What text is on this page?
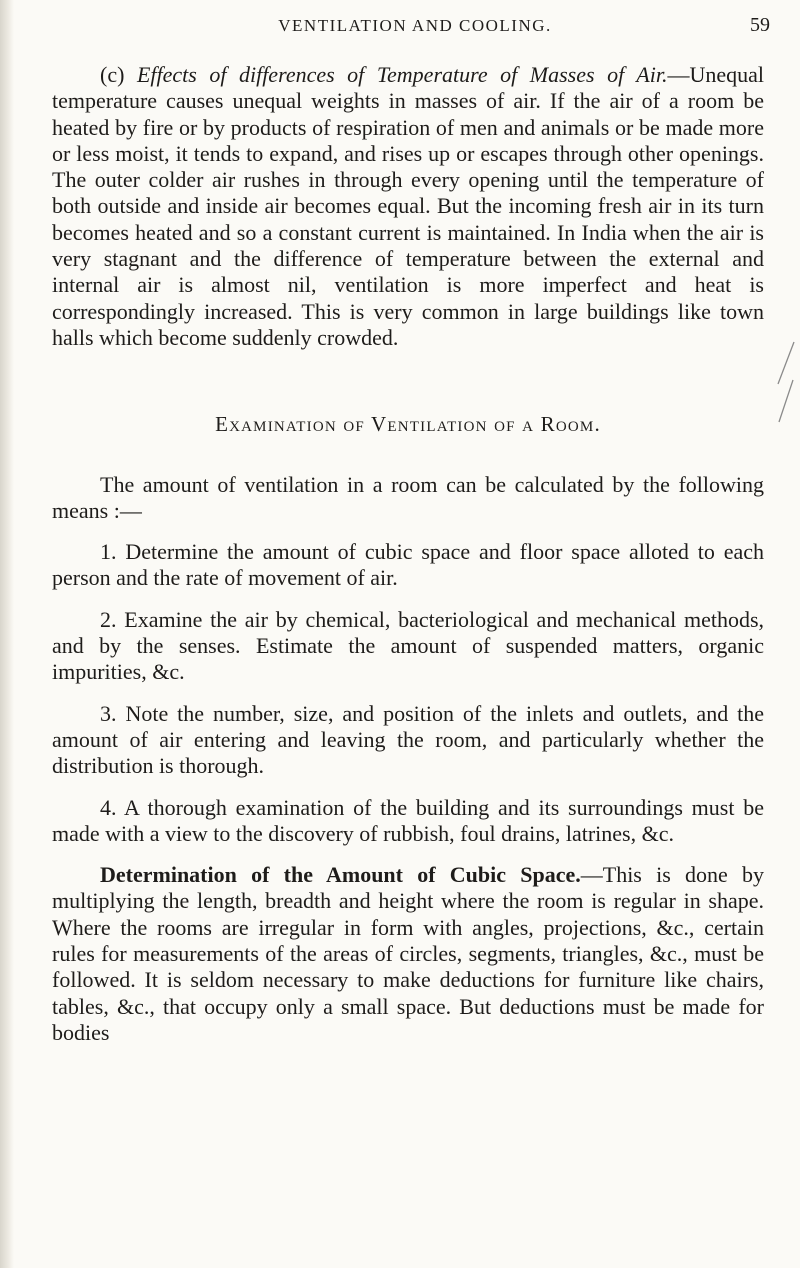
VENTILATION AND COOLING.	59

(c) Effects of differences of Temperature of Masses of Air.—Unequal temperature causes unequal weights in masses of air. If the air of a room be heated by fire or by products of respiration of men and animals or be made more or less moist, it tends to expand, and rises up or escapes through other openings. The outer colder air rushes in through every opening until the temperature of both outside and inside air becomes equal. But the incoming fresh air in its turn becomes heated and so a constant current is maintained. In India when the air is very stagnant and the difference of temperature between the external and internal air is almost nil, ventilation is more imperfect and heat is correspondingly increased. This is very common in large buildings like town halls which become suddenly crowded.

Examination of Ventilation of a Room.

The amount of ventilation in a room can be calculated by the following means :—

1. Determine the amount of cubic space and floor space alloted to each person and the rate of movement of air.

2. Examine the air by chemical, bacteriological and mechanical methods, and by the senses. Estimate the amount of suspended matters, organic impurities, &c.

3. Note the number, size, and position of the inlets and outlets, and the amount of air entering and leaving the room, and particularly whether the distribution is thorough.

4. A thorough examination of the building and its surroundings must be made with a view to the discovery of rubbish, foul drains, latrines, &c.

Determination of the Amount of Cubic Space.—This is done by multiplying the length, breadth and height where the room is regular in shape. Where the rooms are irregular in form with angles, projections, &c., certain rules for measurements of the areas of circles, segments, triangles, &c., must be followed. It is seldom necessary to make deductions for furniture like chairs, tables, &c., that occupy only a small space. But deductions must be made for bodies
